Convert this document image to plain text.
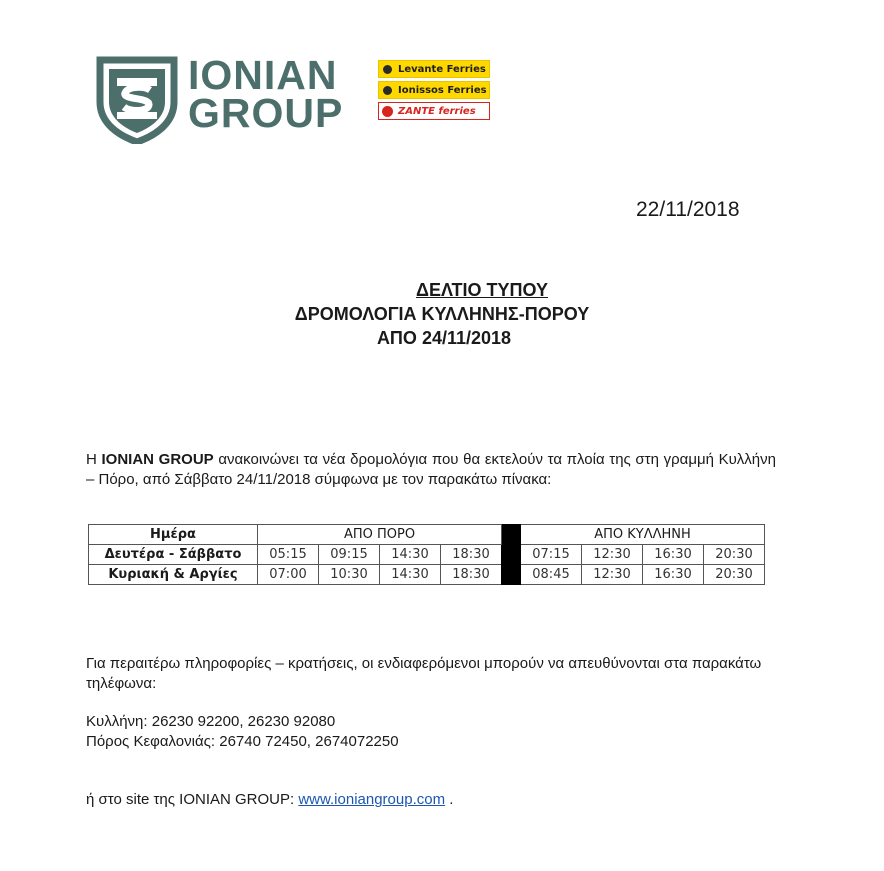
IONIAN
GROUP
Levante Ferries
Ionissos Ferries
ZANTE ferries
22/11/2018
ΔΕΛΤΙΟ ΤΥΠΟΥ
ΔΡΟΜΟΛΟΓΙΑ ΚΥΛΛΗΝΗΣ-ΠΟΡΟΥ
ΑΠΟ 24/11/2018
Η IONIAN GROUP ανακοινώνει τα νέα δρομολόγια που θα εκτελούν τα πλοία της στη γραμμή Κυλλήνη – Πόρο, από Σάββατο 24/11/2018 σύμφωνα με τον παρακάτω πίνακα:
Ημέρα	ΑΠΟ ΠΟΡΟ					ΑΠΟ ΚΥΛΛΗΝΗ			
Δευτέρα - Σάββατο	05:15	09:15	14:30	18:30		07:15	12:30	16:30	20:30
Κυριακή & Αργίες	07:00	10:30	14:30	18:30		08:45	12:30	16:30	20:30
Για περαιτέρω πληροφορίες – κρατήσεις, οι ενδιαφερόμενοι μπορούν να απευθύνονται στα παρακάτω τηλέφωνα:
Κυλλήνη: 26230 92200, 26230 92080
Πόρος Κεφαλονιάς: 26740 72450, 2674072250
ή στο site της IONIAN GROUP: www.ioniangroup.com .
